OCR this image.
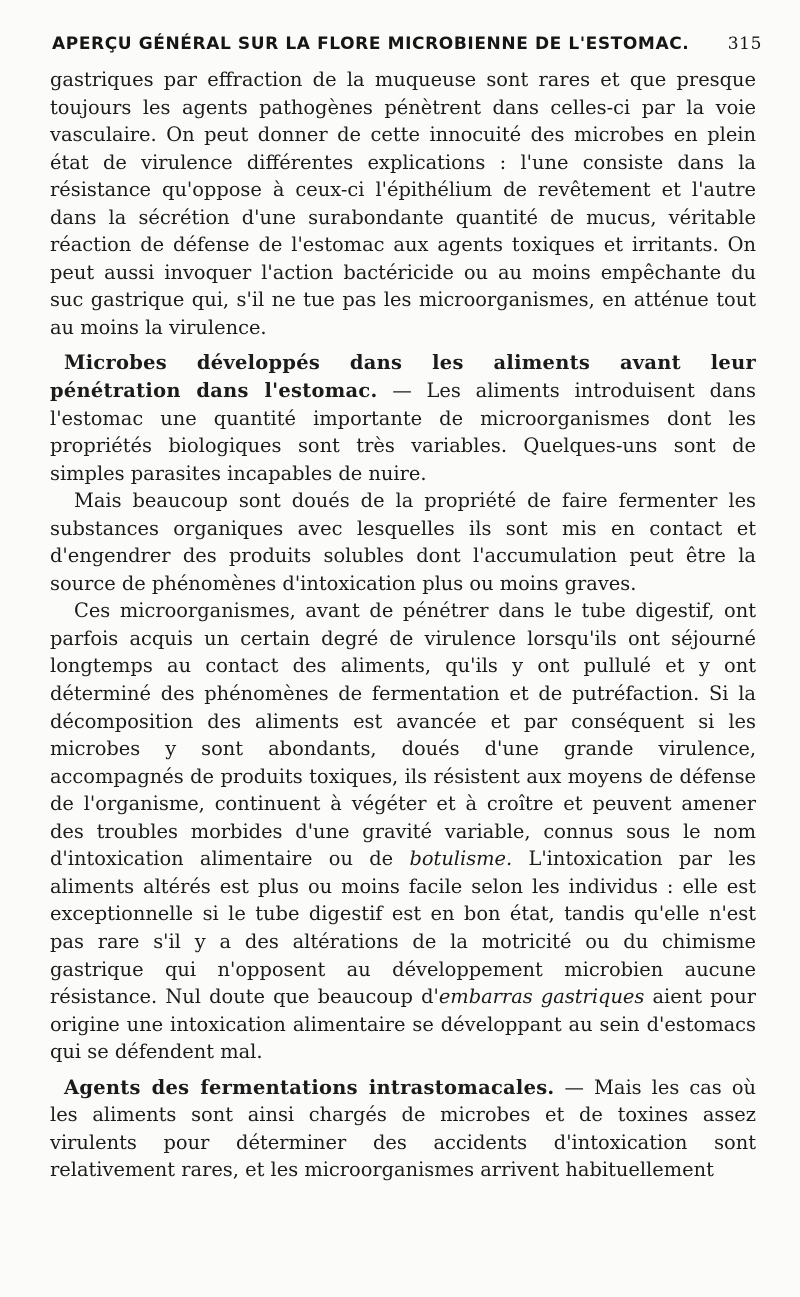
APERÇU GÉNÉRAL SUR LA FLORE MICROBIENNE DE L'ESTOMAC. 315

gastriques par effraction de la muqueuse sont rares et que presque toujours les agents pathogènes pénètrent dans celles-ci par la voie vasculaire. On peut donner de cette innocuité des microbes en plein état de virulence différentes explications : l'une consiste dans la résistance qu'oppose à ceux-ci l'épithélium de revêtement et l'autre dans la sécrétion d'une surabondante quantité de mucus, véritable réaction de défense de l'estomac aux agents toxiques et irritants. On peut aussi invoquer l'action bactéricide ou au moins empêchante du suc gastrique qui, s'il ne tue pas les microorganismes, en atténue tout au moins la virulence.

Microbes développés dans les aliments avant leur pénétration dans l'estomac. — Les aliments introduisent dans l'estomac une quantité importante de microorganismes dont les propriétés biologiques sont très variables. Quelques-uns sont de simples parasites incapables de nuire.

Mais beaucoup sont doués de la propriété de faire fermenter les substances organiques avec lesquelles ils sont mis en contact et d'engendrer des produits solubles dont l'accumulation peut être la source de phénomènes d'intoxication plus ou moins graves.

Ces microorganismes, avant de pénétrer dans le tube digestif, ont parfois acquis un certain degré de virulence lorsqu'ils ont séjourné longtemps au contact des aliments, qu'ils y ont pullulé et y ont déterminé des phénomènes de fermentation et de putréfaction. Si la décomposition des aliments est avancée et par conséquent si les microbes y sont abondants, doués d'une grande virulence, accompagnés de produits toxiques, ils résistent aux moyens de défense de l'organisme, continuent à végéter et à croître et peuvent amener des troubles morbides d'une gravité variable, connus sous le nom d'intoxication alimentaire ou de botulisme. L'intoxication par les aliments altérés est plus ou moins facile selon les individus : elle est exceptionnelle si le tube digestif est en bon état, tandis qu'elle n'est pas rare s'il y a des altérations de la motricité ou du chimisme gastrique qui n'opposent au développement microbien aucune résistance. Nul doute que beaucoup d'embarras gastriques aient pour origine une intoxication alimentaire se développant au sein d'estomacs qui se défendent mal.

Agents des fermentations intrastomacales. — Mais les cas où les aliments sont ainsi chargés de microbes et de toxines assez virulents pour déterminer des accidents d'intoxication sont relativement rares, et les microorganismes arrivent habituellement
